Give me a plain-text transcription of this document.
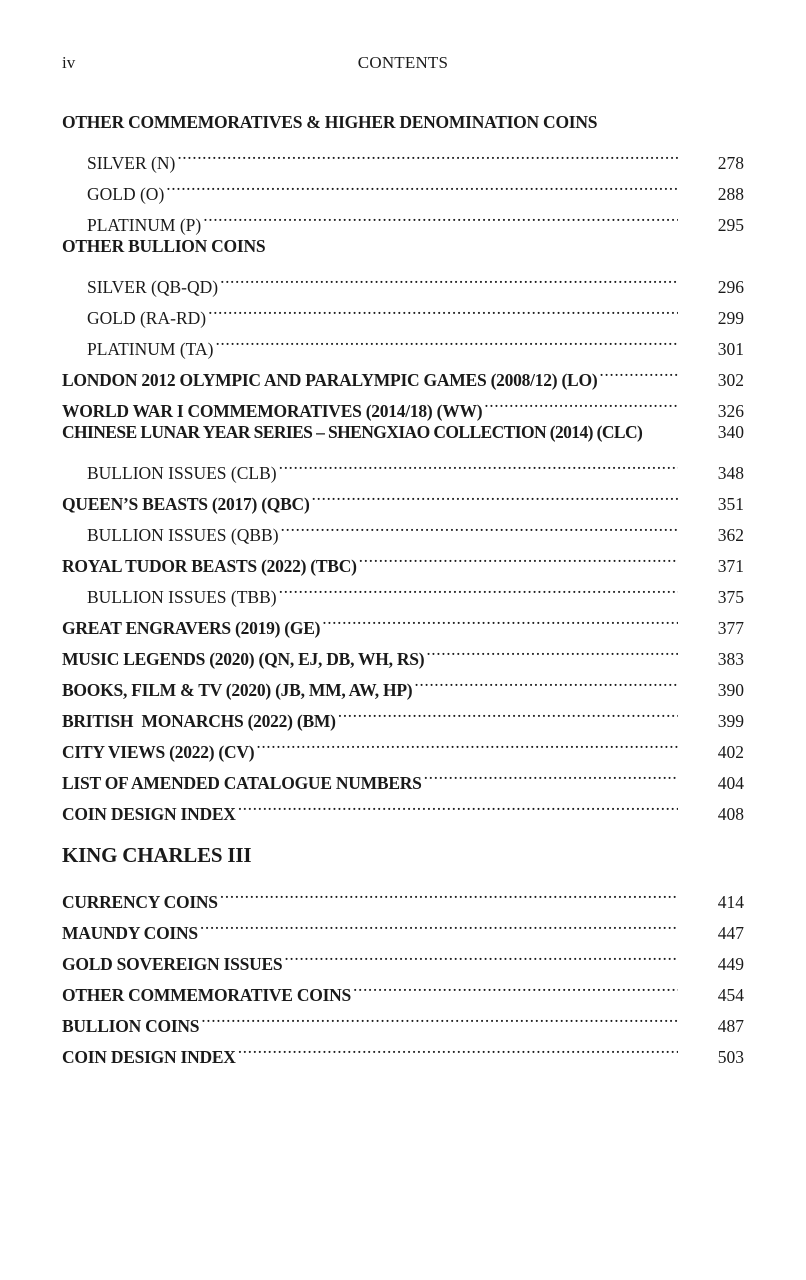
iv	CONTENTS
OTHER COMMEMORATIVES & HIGHER DENOMINATION COINS
SILVER (N) .....	278
GOLD (O) .....	288
PLATINUM (P) .....	295
OTHER BULLION COINS
SILVER (QB-QD) .....	296
GOLD (RA-RD) .....	299
PLATINUM (TA) .....	301
LONDON 2012 OLYMPIC AND PARALYMPIC GAMES (2008/12) (LO) .....	302
WORLD WAR I COMMEMORATIVES (2014/18) (WW) .....	326
CHINESE LUNAR YEAR SERIES – SHENGXIAO COLLECTION (2014) (CLC)	340
BULLION ISSUES (CLB) .....	348
QUEEN’S BEASTS (2017) (QBC) .....	351
BULLION ISSUES (QBB) .....	362
ROYAL TUDOR BEASTS (2022) (TBC) .....	371
BULLION ISSUES (TBB) .....	375
GREAT ENGRAVERS (2019) (GE) .....	377
MUSIC LEGENDS (2020) (QN, EJ, DB, WH, RS) .....	383
BOOKS, FILM & TV (2020) (JB, MM, AW, HP) .....	390
BRITISH  MONARCHS (2022) (BM) .....	399
CITY VIEWS (2022) (CV) .....	402
LIST OF AMENDED CATALOGUE NUMBERS .....	404
COIN DESIGN INDEX .....	408
KING CHARLES III
CURRENCY COINS .....	414
MAUNDY COINS .....	447
GOLD SOVEREIGN ISSUES .....	449
OTHER COMMEMORATIVE COINS .....	454
BULLION COINS .....	487
COIN DESIGN INDEX .....	503
